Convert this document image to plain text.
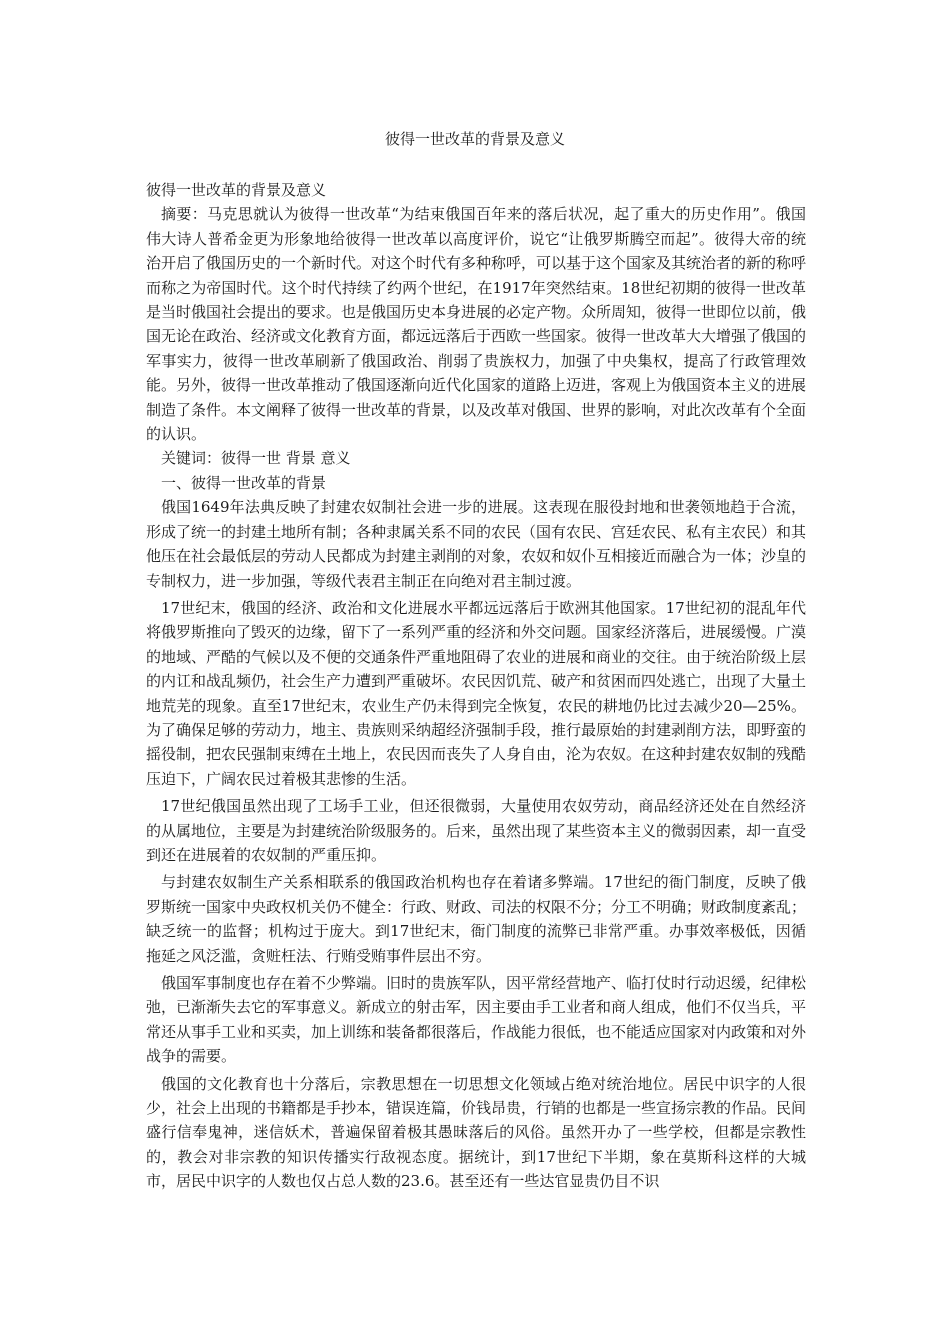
彼得一世改革的背景及意义

彼得一世改革的背景及意义

摘要：马克思就认为彼得一世改革“为结束俄国百年来的落后状况，起了重大的历史作用”。俄国伟大诗人普希金更为形象地给彼得一世改革以高度评价，说它“让俄罗斯腾空而起”。彼得大帝的统治开启了俄国历史的一个新时代。对这个时代有多种称呼，可以基于这个国家及其统治者的新的称呼而称之为帝国时代。这个时代持续了约两个世纪，在1917年突然结束。18世纪初期的彼得一世改革是当时俄国社会提出的要求。也是俄国历史本身进展的必定产物。众所周知，彼得一世即位以前，俄国无论在政治、经济或文化教育方面，都远远落后于西欧一些国家。彼得一世改革大大增强了俄国的军事实力，彼得一世改革刷新了俄国政治、削弱了贵族权力，加强了中央集权，提高了行政管理效能。另外，彼得一世改革推动了俄国逐渐向近代化国家的道路上迈进，客观上为俄国资本主义的进展制造了条件。本文阐释了彼得一世改革的背景，以及改革对俄国、世界的影响，对此次改革有个全面的认识。

关键词：彼得一世 背景 意义

一、彼得一世改革的背景

俄国1649年法典反映了封建农奴制社会进一步的进展。这表现在服役封地和世袭领地趋于合流，形成了统一的封建土地所有制；各种隶属关系不同的农民（国有农民、宫廷农民、私有主农民）和其他压在社会最低层的劳动人民都成为封建主剥削的对象，农奴和奴仆互相接近而融合为一体；沙皇的专制权力，进一步加强，等级代表君主制正在向绝对君主制过渡。

17世纪末，俄国的经济、政治和文化进展水平都远远落后于欧洲其他国家。17世纪初的混乱年代将俄罗斯推向了毁灭的边缘，留下了一系列严重的经济和外交问题。国家经济落后，进展缓慢。广漠的地域、严酷的气候以及不便的交通条件严重地阻碍了农业的进展和商业的交往。由于统治阶级上层的内讧和战乱频仍，社会生产力遭到严重破坏。农民因饥荒、破产和贫困而四处逃亡，出现了大量土地荒芜的现象。直至17世纪末，农业生产仍未得到完全恢复，农民的耕地仍比过去减少20—25%。 为了确保足够的劳动力，地主、贵族则采纳超经济强制手段，推行最原始的封建剥削方法，即野蛮的摇役制，把农民强制束缚在土地上，农民因而丧失了人身自由，沦为农奴。在这种封建农奴制的残酷压迫下，广阔农民过着极其悲惨的生活。

17世纪俄国虽然出现了工场手工业，但还很微弱，大量使用农奴劳动，商品经济还处在自然经济的从属地位，主要是为封建统治阶级服务的。后来，虽然出现了某些资本主义的微弱因素，却一直受到还在进展着的农奴制的严重压抑。

与封建农奴制生产关系相联系的俄国政治机构也存在着诸多弊端。17世纪的衙门制度，反映了俄罗斯统一国家中央政权机关仍不健全：行政、财政、司法的权限不分；分工不明确；财政制度紊乱；缺乏统一的监督；机构过于庞大。到17世纪末，衙门制度的流弊已非常严重。办事效率极低，因循拖延之风泛滥，贪赃枉法、行贿受贿事件层出不穷。

俄国军事制度也存在着不少弊端。旧时的贵族军队，因平常经营地产、临打仗时行动迟缓，纪律松弛，已渐渐失去它的军事意义。新成立的射击军，因主要由手工业者和商人组成，他们不仅当兵，平常还从事手工业和买卖，加上训练和装备都很落后，作战能力很低，也不能适应国家对内政策和对外战争的需要。

俄国的文化教育也十分落后，宗教思想在一切思想文化领域占绝对统治地位。居民中识字的人很少，社会上出现的书籍都是手抄本，错误连篇，价钱昂贵，行销的也都是一些宣扬宗教的作品。民间盛行信奉鬼神，迷信妖术，普遍保留着极其愚昧落后的风俗。虽然开办了一些学校，但都是宗教性的，教会对非宗教的知识传播实行敌视态度。据统计，到17世纪下半期，象在莫斯科这样的大城市，居民中识字的人数也仅占总人数的23.6。甚至还有一些达官显贵仍目不识
